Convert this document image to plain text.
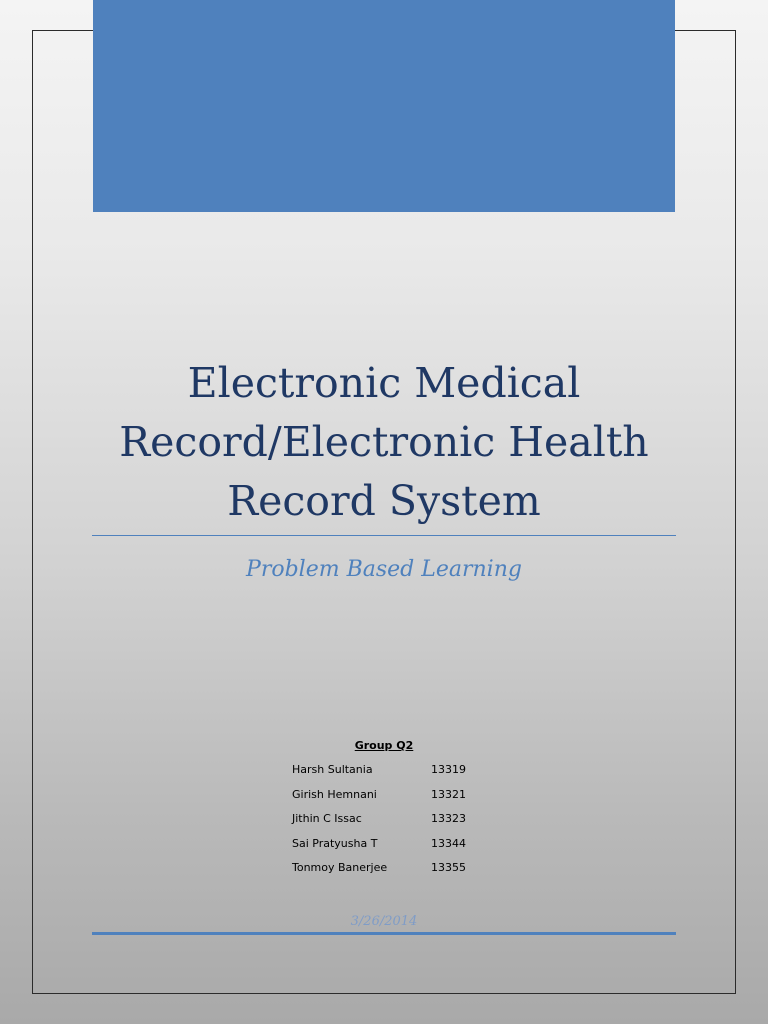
Electronic Medical Record/Electronic Health Record System
Problem Based Learning
Group Q2
Harsh Sultania	13319
Girish Hemnani	13321
Jithin C Issac	13323
Sai Pratyusha T	13344
Tonmoy Banerjee	13355
3/26/2014
